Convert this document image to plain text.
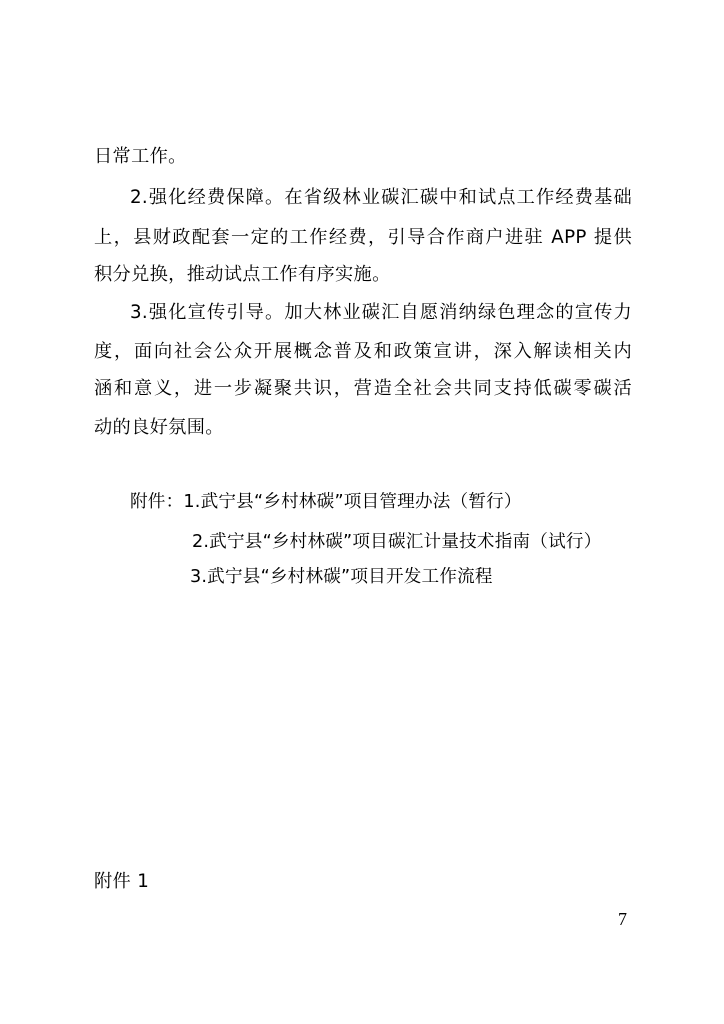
日常工作。
2.强化经费保障。在省级林业碳汇碳中和试点工作经费基础
上，县财政配套一定的工作经费，引导合作商户进驻 APP 提供
积分兑换，推动试点工作有序实施。
3.强化宣传引导。加大林业碳汇自愿消纳绿色理念的宣传力
度，面向社会公众开展概念普及和政策宣讲，深入解读相关内
涵和意义，进一步凝聚共识，营造全社会共同支持低碳零碳活
动的良好氛围。
附件：1.武宁县“乡村林碳”项目管理办法（暂行）
2.武宁县“乡村林碳”项目碳汇计量技术指南（试行）
3.武宁县“乡村林碳”项目开发工作流程
附件 1
7
